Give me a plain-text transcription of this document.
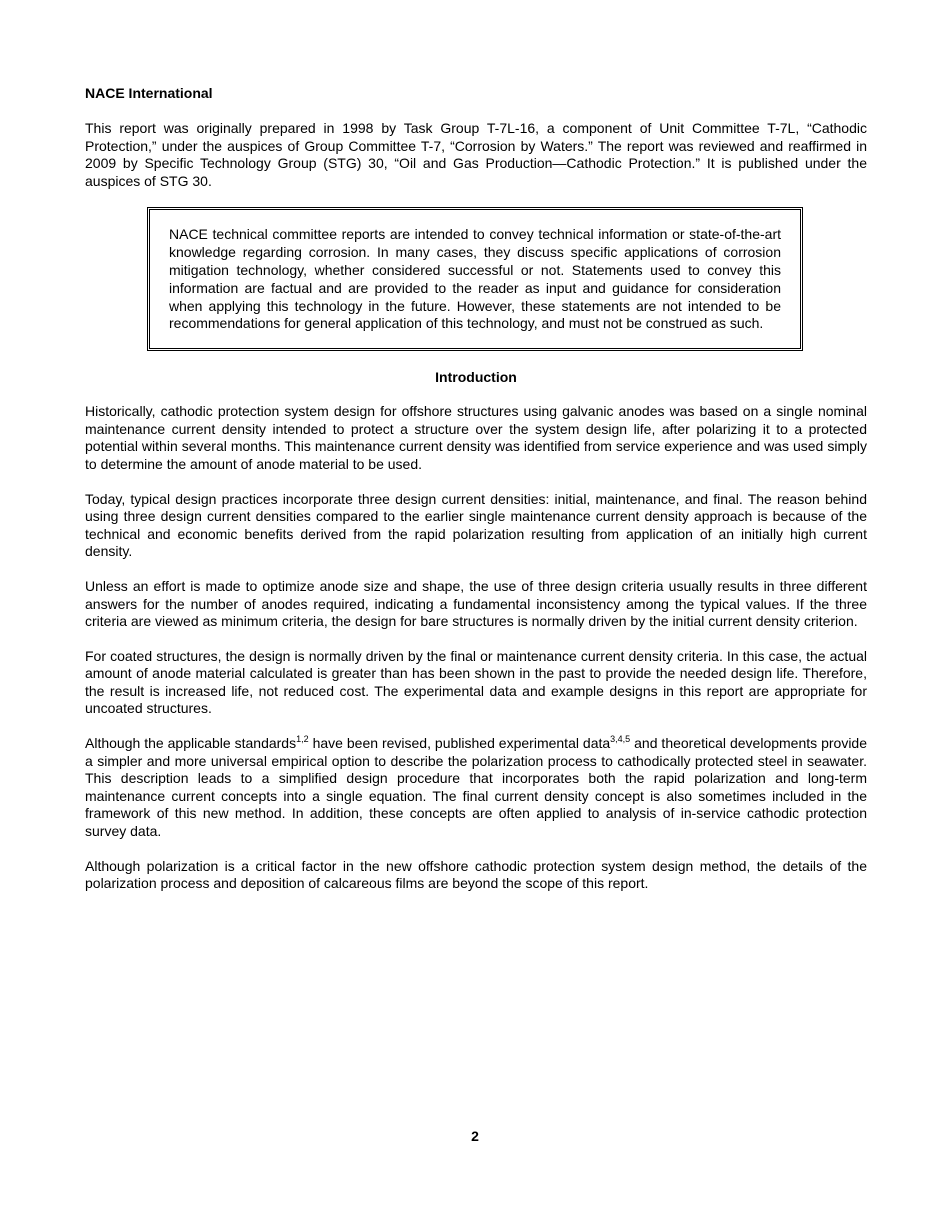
NACE International

This report was originally prepared in 1998 by Task Group T-7L-16, a component of Unit Committee T-7L, “Cathodic Protection,” under the auspices of Group Committee T-7, “Corrosion by Waters.” The report was reviewed and reaffirmed in 2009 by Specific Technology Group (STG) 30, “Oil and Gas Production—Cathodic Protection.” It is published under the auspices of STG 30.

NACE technical committee reports are intended to convey technical information or state-of-the-art knowledge regarding corrosion. In many cases, they discuss specific applications of corrosion mitigation technology, whether considered successful or not. Statements used to convey this information are factual and are provided to the reader as input and guidance for consideration when applying this technology in the future. However, these statements are not intended to be recommendations for general application of this technology, and must not be construed as such.

Introduction

Historically, cathodic protection system design for offshore structures using galvanic anodes was based on a single nominal maintenance current density intended to protect a structure over the system design life, after polarizing it to a protected potential within several months. This maintenance current density was identified from service experience and was used simply to determine the amount of anode material to be used.

Today, typical design practices incorporate three design current densities: initial, maintenance, and final. The reason behind using three design current densities compared to the earlier single maintenance current density approach is because of the technical and economic benefits derived from the rapid polarization resulting from application of an initially high current density.

Unless an effort is made to optimize anode size and shape, the use of three design criteria usually results in three different answers for the number of anodes required, indicating a fundamental inconsistency among the typical values. If the three criteria are viewed as minimum criteria, the design for bare structures is normally driven by the initial current density criterion.

For coated structures, the design is normally driven by the final or maintenance current density criteria. In this case, the actual amount of anode material calculated is greater than has been shown in the past to provide the needed design life. Therefore, the result is increased life, not reduced cost. The experimental data and example designs in this report are appropriate for uncoated structures.

Although the applicable standards$^{1,2}$ have been revised, published experimental data$^{3,4,5}$ and theoretical developments provide a simpler and more universal empirical option to describe the polarization process to cathodically protected steel in seawater. This description leads to a simplified design procedure that incorporates both the rapid polarization and long-term maintenance current concepts into a single equation. The final current density concept is also sometimes included in the framework of this new method. In addition, these concepts are often applied to analysis of in-service cathodic protection survey data.

Although polarization is a critical factor in the new offshore cathodic protection system design method, the details of the polarization process and deposition of calcareous films are beyond the scope of this report.

2
